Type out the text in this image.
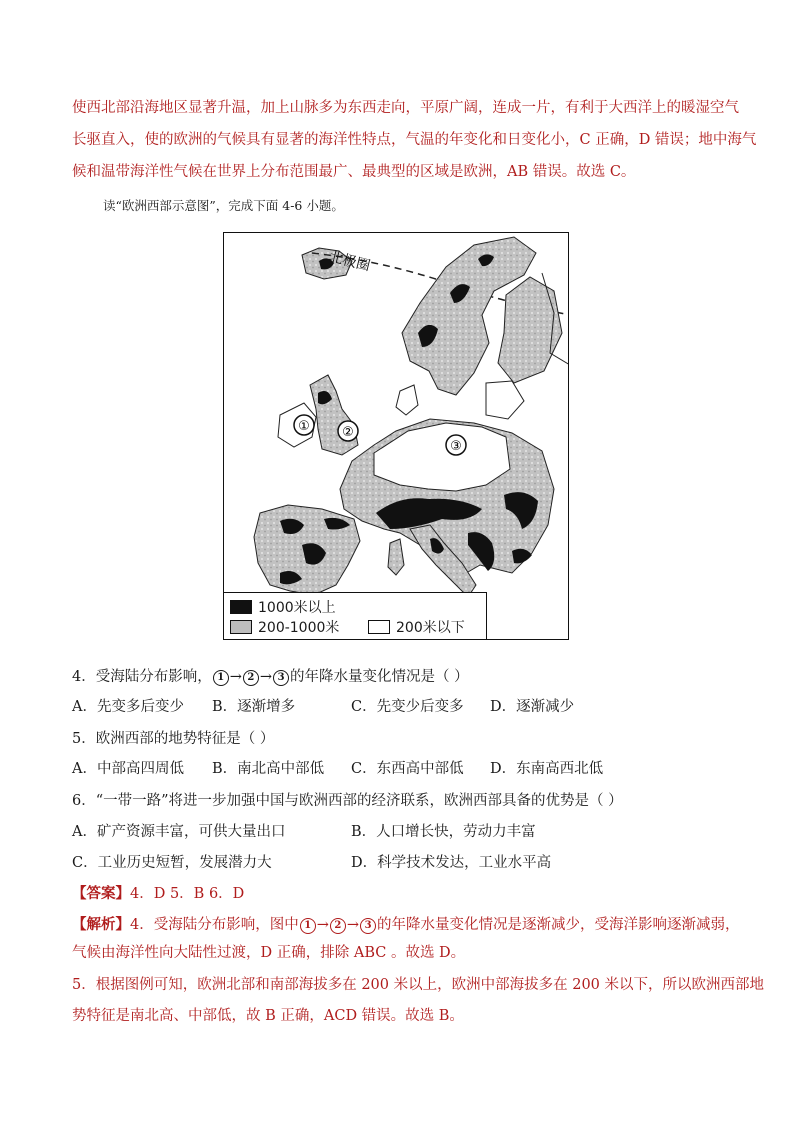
使西北部沿海地区显著升温，加上山脉多为东西走向，平原广阔，连成一片，有利于大西洋上的暖湿空气
长驱直入，使的欧洲的气候具有显著的海洋性特点，气温的年变化和日变化小，C 正确，D 错误；地中海气
候和温带海洋性气候在世界上分布范围最广、最典型的区域是欧洲，AB 错误。故选 C。
读“欧洲西部示意图”，完成下面 4-6 小题。
北极圈
① ②
③
1000米以上
200-1000米	200米以下
4．受海陆分布影响， 1 → 2 → 3 的年降水量变化情况是（ ）
A．先变多后变少 B．逐渐增多	C．先变少后变多 D．逐渐减少
5．欧洲西部的地势特征是（ ）
A．中部高四周低 B．南北高中部低 C．东西高中部低 D．东南高西北低
6．“一带一路”将进一步加强中国与欧洲西部的经济联系，欧洲西部具备的优势是（ ）
A．矿产资源丰富，可供大量出口	B．人口增长快，劳动力丰富
C．工业历史短暂，发展潜力大	D．科学技术发达，工业水平高
【答案】4．D 5．B 6．D
【解析】4．受海陆分布影响，图中 1 → 2 → 3 的年降水量变化情况是逐渐减少，受海洋影响逐渐减弱，
气候由海洋性向大陆性过渡，D 正确，排除 ABC 。故选 D。
5．根据图例可知，欧洲北部和南部海拔多在 200 米以上，欧洲中部海拔多在 200 米以下，所以欧洲西部地
势特征是南北高、中部低，故 B 正确，ACD 错误。故选 B。
